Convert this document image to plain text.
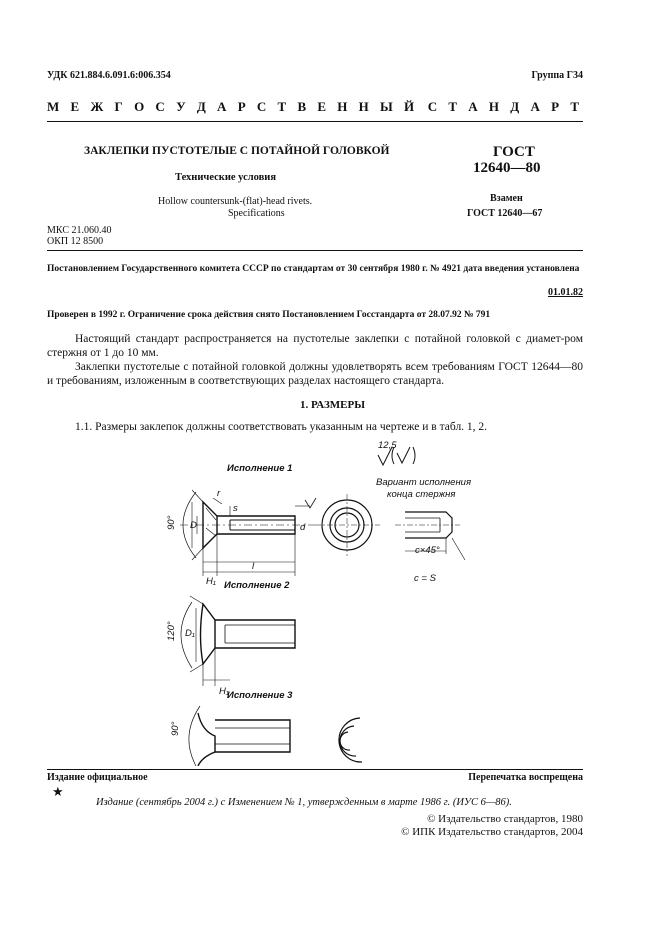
УДК 621.884.6.091.6:006.354	Группа Г34
М Е Ж Г О С У Д А Р С Т В Е Н Н Ы Й С Т А Н Д А Р Т
ЗАКЛЕПКИ ПУСТОТЕЛЫЕ С ПОТАЙНОЙ ГОЛОВКОЙ
Технические условия
Hollow countersunk-(flat)-head rivets.
Specifications
ГОСТ
12640—80
Взамен
ГОСТ 12640—67
МКС 21.060.40
ОКП 12 8500
Постановлением Государственного комитета СССР по стандартам от 30 сентября 1980 г. № 4921 дата введения установлена
01.01.82
Проверен в 1992 г. Ограничение срока действия снято Постановлением Госстандарта от 28.07.92 № 791
Настоящий стандарт распространяется на пустотелые заклепки с потайной головкой с диамет-ром стержня от 1 до 10 мм.
Заклепки пустотелые с потайной головкой должны удовлетворять всем требованиям ГОСТ 12644—80 и требованиям, изложенным в соответствующих разделах настоящего стандарта.
1. РАЗМЕРЫ
1.1. Размеры заклепок должны соответствовать указанным на чертеже и в табл. 1, 2.
12,5
Исполнение 1
Вариант исполнения
конца стержня
Исполнение 2
Исполнение 3
90°
120°
90°
r
s
D	d
D₁
H₁
H₁
l
c×45°
c = S
Издание официальное	Перепечатка воспрещена
★
Издание (сентябрь 2004 г.) с Изменением № 1, утвержденным в марте 1986 г. (ИУС 6—86).
© Издательство стандартов, 1980
© ИПК Издательство стандартов, 2004
